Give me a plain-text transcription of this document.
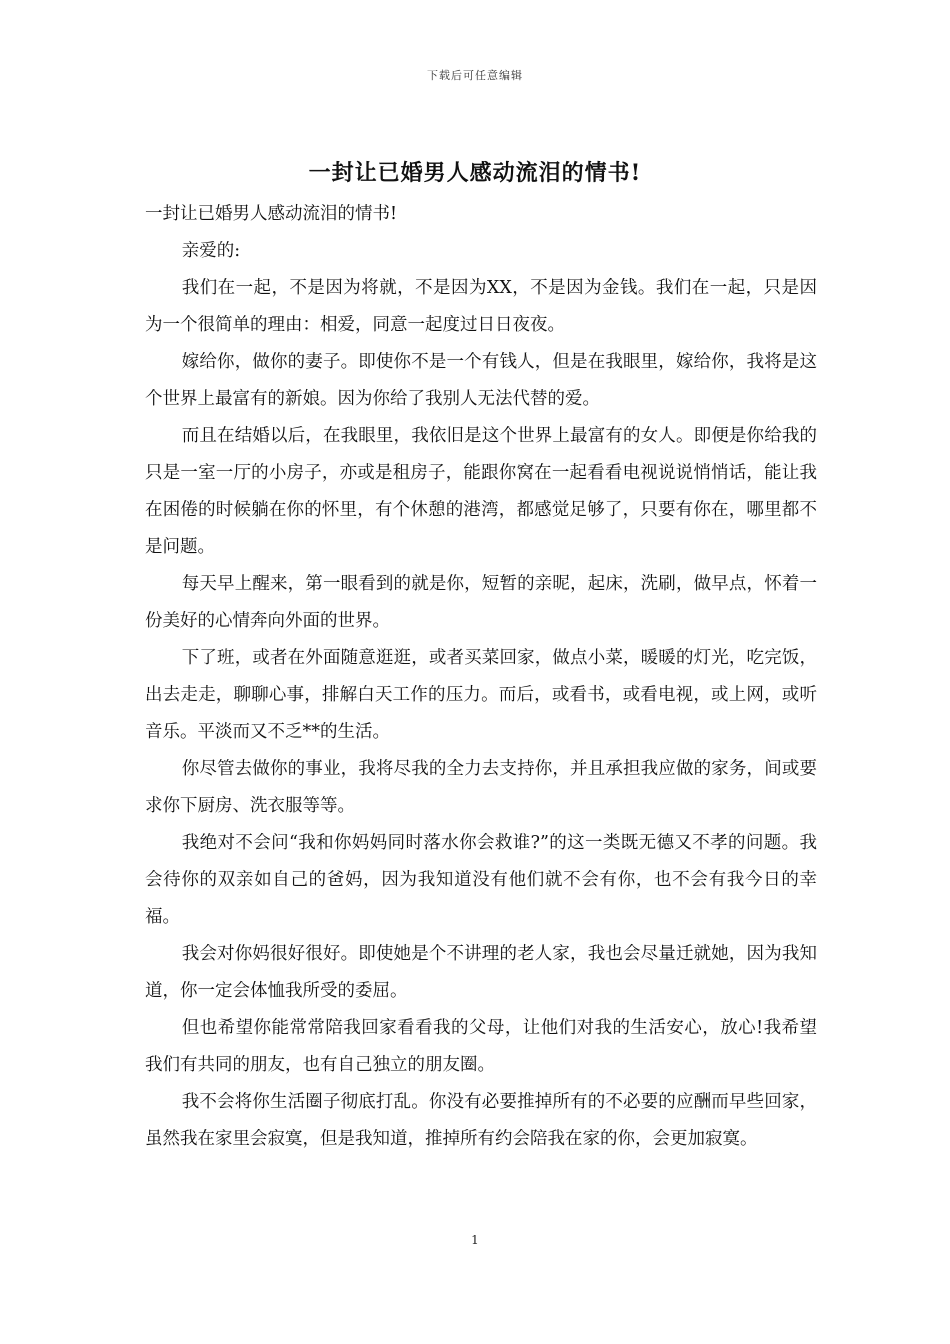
下载后可任意编辑
一封让已婚男人感动流泪的情书!

一封让已婚男人感动流泪的情书!

亲爱的:

我们在一起，不是因为将就，不是因为XX，不是因为金钱。我们在一起，只是因为一个很简单的理由：相爱，同意一起度过日日夜夜。

嫁给你，做你的妻子。即使你不是一个有钱人，但是在我眼里，嫁给你，我将是这个世界上最富有的新娘。因为你给了我别人无法代替的爱。

而且在结婚以后，在我眼里，我依旧是这个世界上最富有的女人。即便是你给我的只是一室一厅的小房子，亦或是租房子，能跟你窝在一起看看电视说说悄悄话，能让我在困倦的时候躺在你的怀里，有个休憩的港湾，都感觉足够了，只要有你在，哪里都不是问题。

每天早上醒来，第一眼看到的就是你，短暂的亲昵，起床，洗刷，做早点，怀着一份美好的心情奔向外面的世界。

下了班，或者在外面随意逛逛，或者买菜回家，做点小菜，暖暖的灯光，吃完饭，出去走走，聊聊心事，排解白天工作的压力。而后，或看书，或看电视，或上网，或听音乐。平淡而又不乏**的生活。

你尽管去做你的事业，我将尽我的全力去支持你，并且承担我应做的家务，间或要求你下厨房、洗衣服等等。

我绝对不会问“我和你妈妈同时落水你会救谁?”的这一类既无德又不孝的问题。我会待你的双亲如自己的爸妈，因为我知道没有他们就不会有你，也不会有我今日的幸福。

我会对你妈很好很好。即使她是个不讲理的老人家，我也会尽量迁就她，因为我知道，你一定会体恤我所受的委屈。

但也希望你能常常陪我回家看看我的父母，让他们对我的生活安心，放心!我希望我们有共同的朋友，也有自己独立的朋友圈。

我不会将你生活圈子彻底打乱。你没有必要推掉所有的不必要的应酬而早些回家，虽然我在家里会寂寞，但是我知道，推掉所有约会陪我在家的你，会更加寂寞。

1
